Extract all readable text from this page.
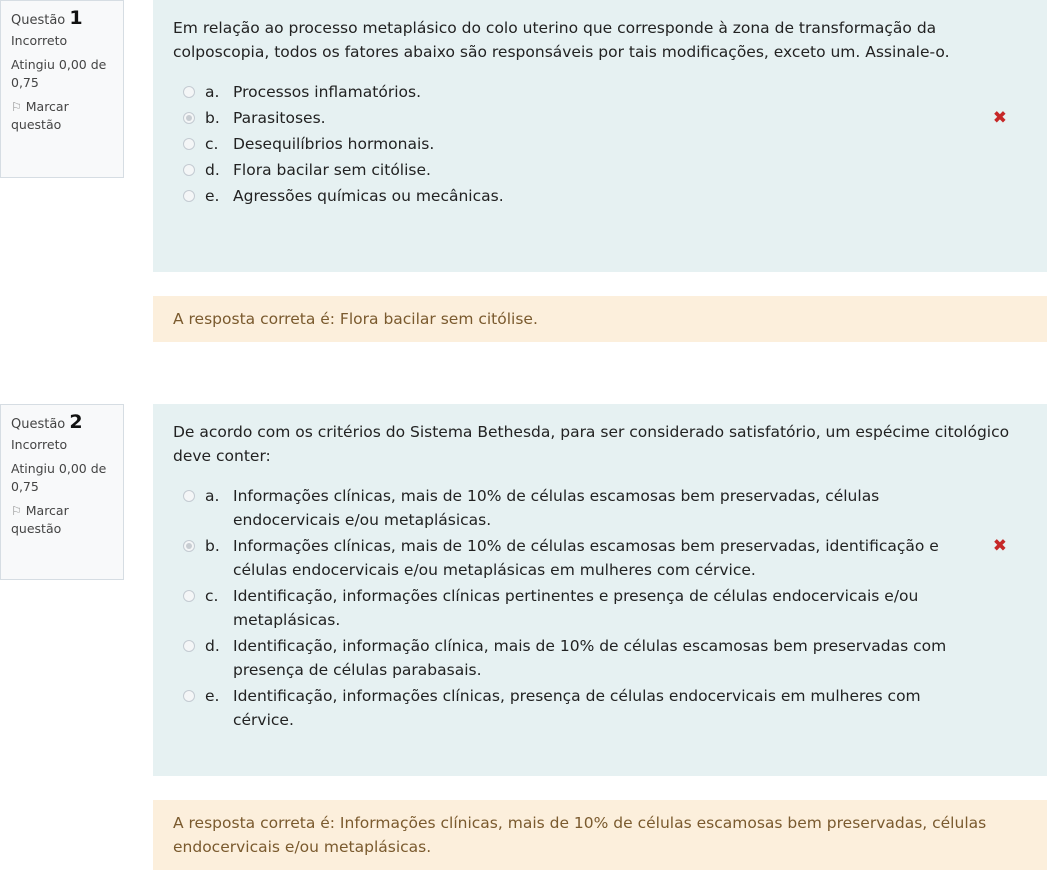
Questão 1
Incorreto
Atingiu 0,00 de 0,75
⚐ Marcar questão
Em relação ao processo metaplásico do colo uterino que corresponde à zona de transformação da colposcopia, todos os fatores abaixo são responsáveis por tais modificações, exceto um. Assinale-o.
a. Processos inflamatórios.
b. Parasitoses.	✖
c. Desequilíbrios hormonais.
d. Flora bacilar sem citólise.
e. Agressões químicas ou mecânicas.
A resposta correta é: Flora bacilar sem citólise.
Questão 2
Incorreto
Atingiu 0,00 de 0,75
⚐ Marcar questão
De acordo com os critérios do Sistema Bethesda, para ser considerado satisfatório, um espécime citológico deve conter:
a. Informações clínicas, mais de 10% de células escamosas bem preservadas, células endocervicais e/ou metaplásicas.
b. Informações clínicas, mais de 10% de células escamosas bem preservadas, identificação e células endocervicais e/ou metaplásicas em mulheres com cérvice.
✖
c. Identificação, informações clínicas pertinentes e presença de células endocervicais e/ou metaplásicas.
d. Identificação, informação clínica, mais de 10% de células escamosas bem preservadas com presença de células parabasais.
e. Identificação, informações clínicas, presença de células endocervicais em mulheres com cérvice.
A resposta correta é: Informações clínicas, mais de 10% de células escamosas bem preservadas, células endocervicais e/ou metaplásicas.
